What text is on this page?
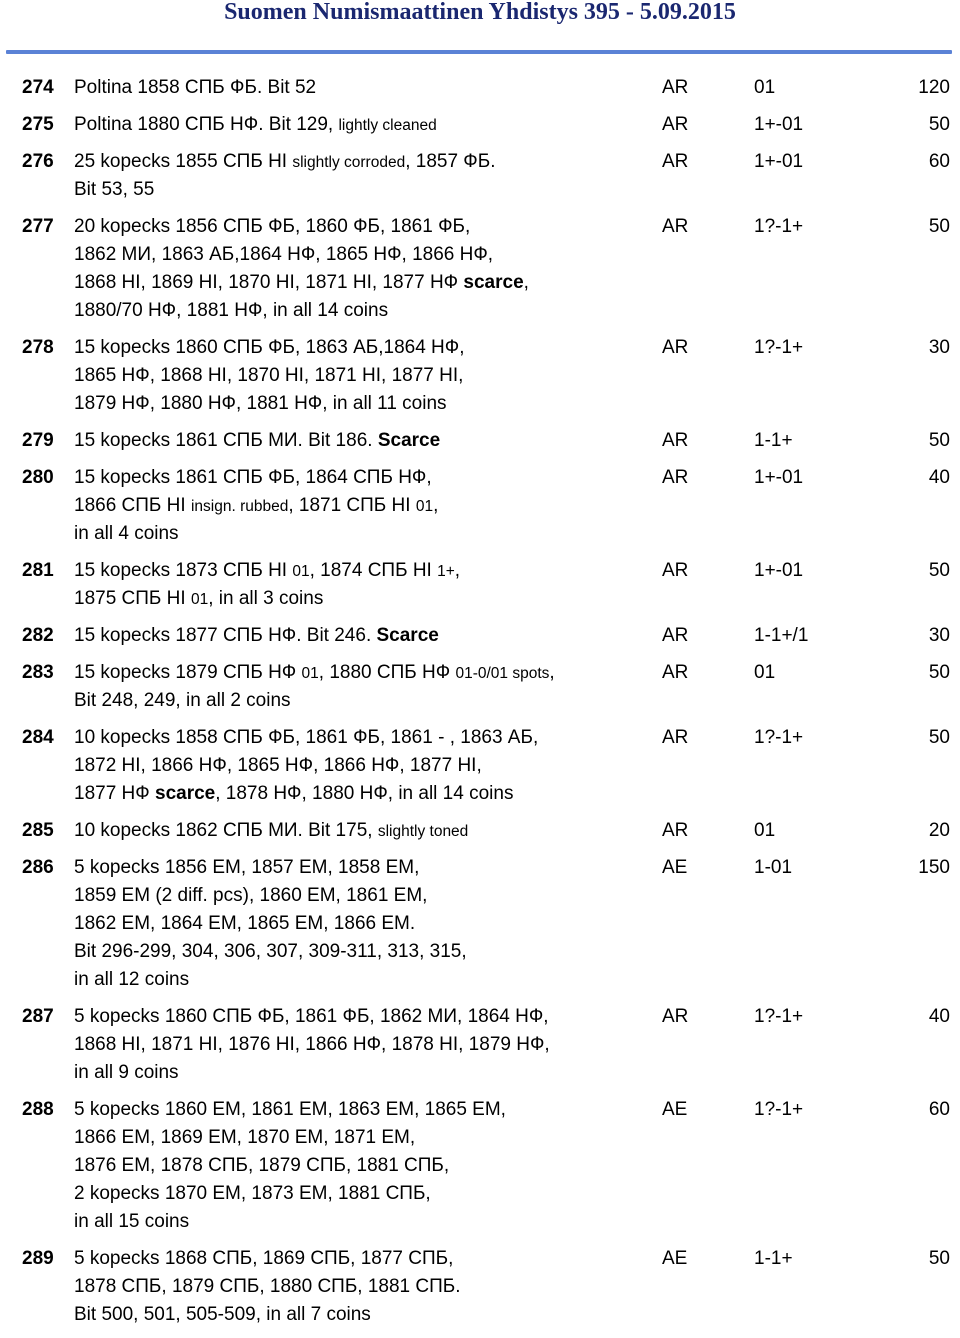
Suomen Numismaattinen Yhdistys 395 - 5.09.2015
274 Poltina 1858 СПБ ФБ. Bit 52	AR	01	120
275 Poltina 1880 СПБ НФ. Bit 129, lightly cleaned	AR	1+-01	50
276 25 kopecks 1855 СПБ НІ slightly corroded, 1857 ФБ.
Bit 53, 55
AR	1+-01	60
277 20 kopecks 1856 СПБ ФБ, 1860 ФБ, 1861 ФБ,
1862 МИ, 1863 АБ,1864 НФ, 1865 НФ, 1866 НФ,
1868 НІ, 1869 НІ, 1870 НІ, 1871 НІ, 1877 НФ scarce,
1880/70 НФ, 1881 НФ, in all 14 coins
AR	1?-1+	50
278 15 kopecks 1860 СПБ ФБ, 1863 АБ,1864 НФ,
1865 НФ, 1868 НІ, 1870 НІ, 1871 НІ, 1877 НІ,
1879 НФ, 1880 НФ, 1881 НФ, in all 11 coins
AR	1?-1+	30
279 15 kopecks 1861 СПБ МИ. Bit 186. Scarce	AR	1-1+	50
280 15 kopecks 1861 СПБ ФБ, 1864 СПБ НФ,
1866 СПБ НІ insign. rubbed, 1871 СПБ НІ 01,
in all 4 coins
AR	1+-01	40
281 15 kopecks 1873 СПБ НІ 01, 1874 СПБ НІ 1+,
1875 СПБ НІ 01, in all 3 coins
AR	1+-01	50
282 15 kopecks 1877 СПБ НФ. Bit 246. Scarce	AR	1-1+/1	30
283 15 kopecks 1879 СПБ НФ 01, 1880 СПБ НФ 01-0/01 spots,
Bit 248, 249, in all 2 coins
AR	01	50
284 10 kopecks 1858 СПБ ФБ, 1861 ФБ, 1861 - , 1863 АБ,
1872 НІ, 1866 НФ, 1865 НФ, 1866 НФ, 1877 НІ,
1877 НФ scarce, 1878 НФ, 1880 НФ, in all 14 coins
AR	1?-1+	50
285 10 kopecks 1862 СПБ МИ. Bit 175, slightly toned	AR	01	20
286 5 kopecks 1856 ЕМ, 1857 ЕМ, 1858 ЕМ,
1859 ЕМ (2 diff. pcs), 1860 ЕМ, 1861 ЕМ,
1862 ЕМ, 1864 ЕМ, 1865 ЕМ, 1866 ЕМ.
Bit 296-299, 304, 306, 307, 309-311, 313, 315,
in all 12 coins
AE	1-01	150
287 5 kopecks 1860 СПБ ФБ, 1861 ФБ, 1862 МИ, 1864 НФ,
1868 НІ, 1871 НІ, 1876 НІ, 1866 НФ, 1878 НІ, 1879 НФ,
in all 9 coins
AR	1?-1+	40
288 5 kopecks 1860 ЕМ, 1861 ЕМ, 1863 ЕМ, 1865 ЕМ,
1866 ЕМ, 1869 ЕМ, 1870 ЕМ, 1871 ЕМ,
1876 ЕМ, 1878 СПБ, 1879 СПБ, 1881 СПБ,
2 kopecks 1870 ЕМ, 1873 ЕМ, 1881 СПБ,
in all 15 coins
AE	1?-1+	60
289 5 kopecks 1868 СПБ, 1869 СПБ, 1877 СПБ,
1878 СПБ, 1879 СПБ, 1880 СПБ, 1881 СПБ.
Bit 500, 501, 505-509, in all 7 coins
AE	1-1+	50
